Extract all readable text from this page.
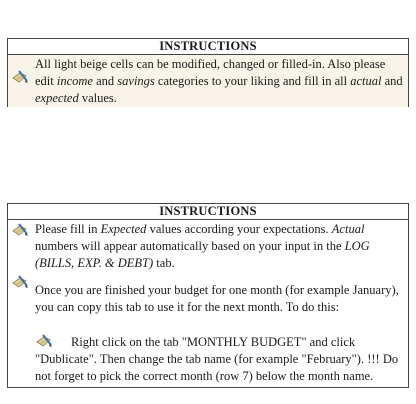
INSTRUCTIONS
All light beige cells can be modified, changed or filled-in. Also please edit income and savings categories to your liking and fill in all actual and expected values.
INSTRUCTIONS
Please fill in Expected values according your expectations. Actual numbers will appear automatically based on your input in the LOG (BILLS, EXP. & DEBT) tab.
Once you are finished your budget for one month (for example January), you can copy this tab to use it for the next month. To do this:
Right click on the tab "MONTHLY BUDGET" and click "Dublicate". Then change the tab name (for example "February"). !!! Do not forget to pick the correct month (row 7) below the month name.
